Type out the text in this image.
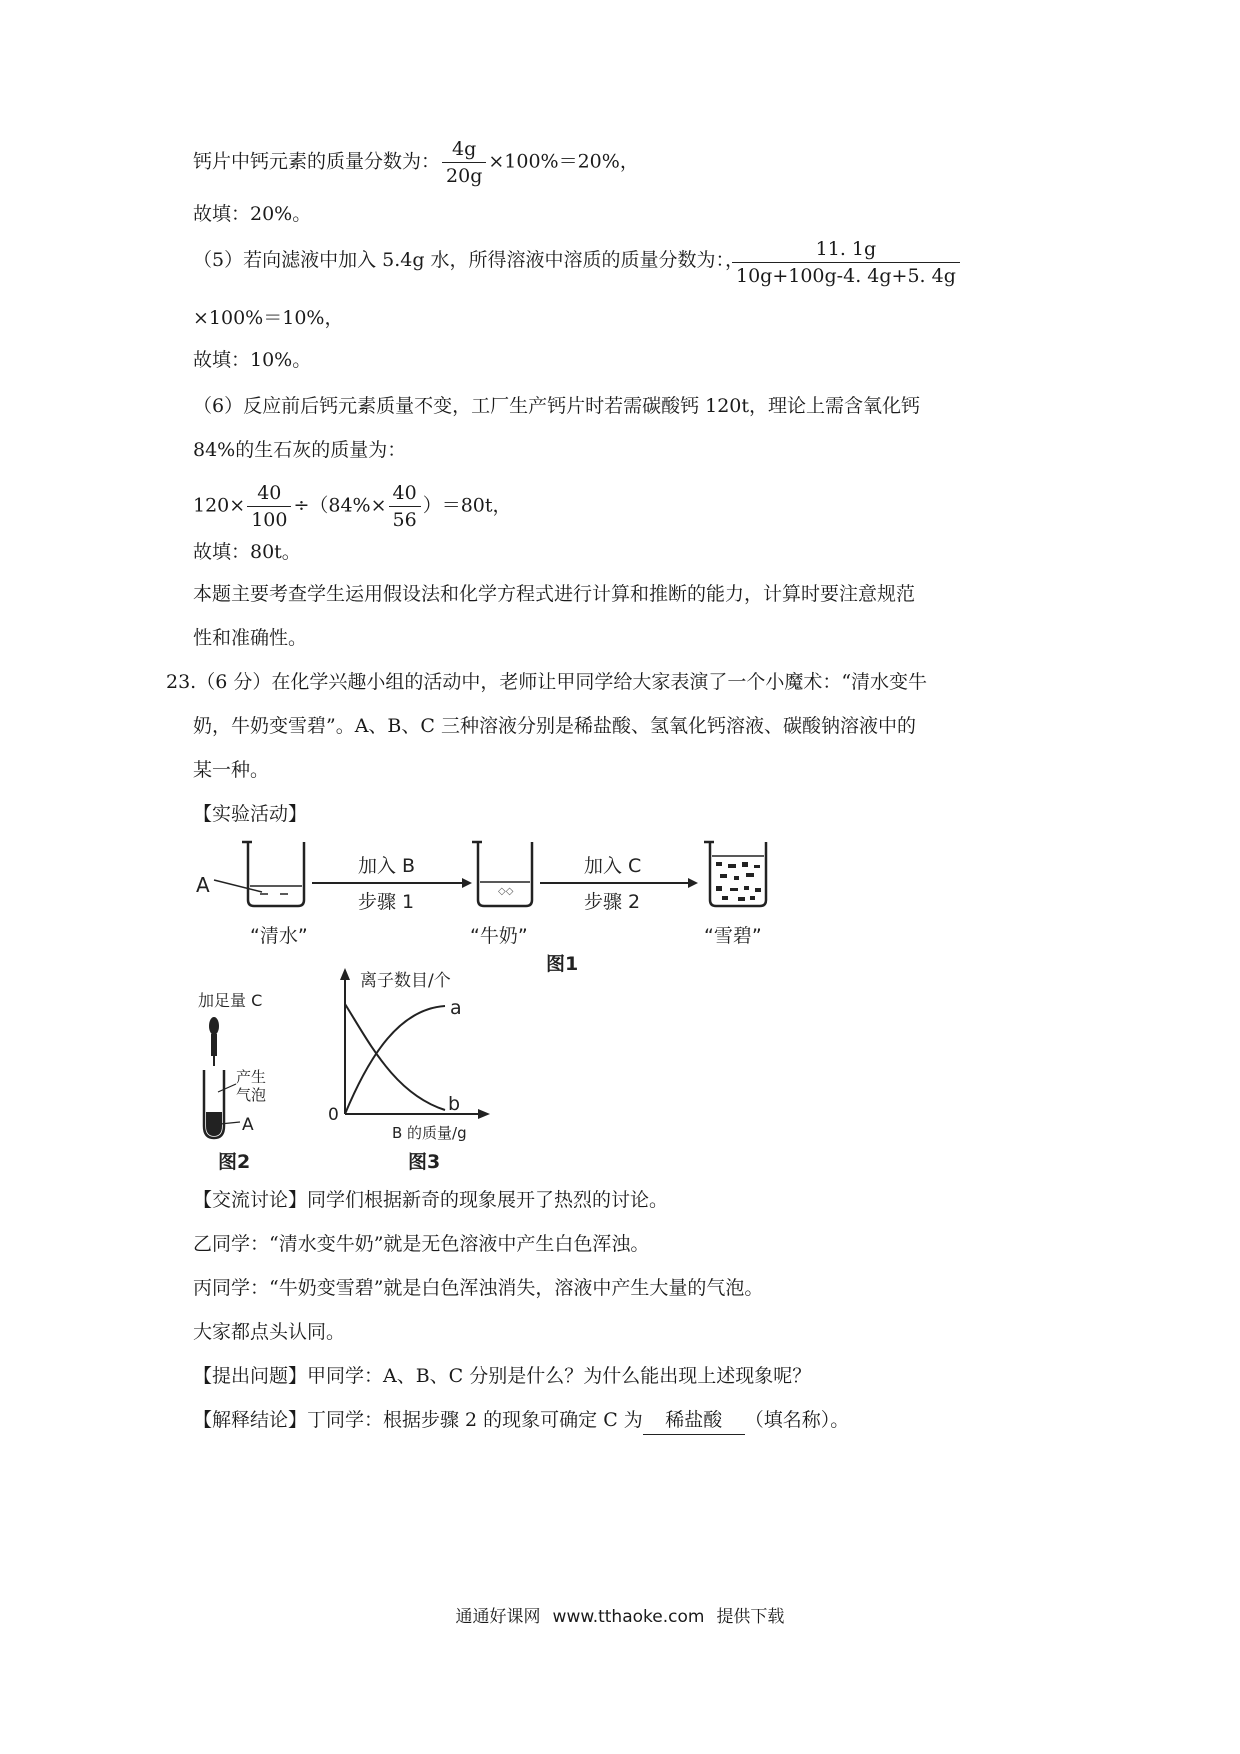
钙片中钙元素的质量分数为： $\frac{4g}{20g} \times 100\%=20\%$，
故填：20%。
（5）若向滤液中加入 5.4g 水，所得溶液中溶质的质量分数为：，
$\frac{11. 1g}{10g+100g-4. 4g+5. 4g}$
×100%＝10%，
故填：10%。
（6）反应前后钙元素质量不变，工厂生产钙片时若需碳酸钙 120t，理论上需含氧化钙
84%的生石灰的质量为：
$120\times \frac{40}{100} \div(84\%\times \frac{40}{56} )=80t$，
故填：80t。
本题主要考查学生运用假设法和化学方程式进行计算和推断的能力，计算时要注意规范
性和准确性。
23.（6 分）在化学兴趣小组的活动中，老师让甲同学给大家表演了一个小魔术：“清水变牛
奶，牛奶变雪碧”。A、B、C 三种溶液分别是稀盐酸、氢氧化钙溶液、碳酸钠溶液中的
某一种。
【实验活动】
A
“清水”
加入 B
步骤 1	◇◇
“牛奶”
加入 C
步骤 2
“雪碧”
图1
加足量 C
产生
气泡
A
图2
离子数目/个
a
b
0
B 的质量/g
图3
【交流讨论】同学们根据新奇的现象展开了热烈的讨论。
乙同学：“清水变牛奶”就是无色溶液中产生白色浑浊。
丙同学：“牛奶变雪碧”就是白色浑浊消失，溶液中产生大量的气泡。
大家都点头认同。
【提出问题】甲同学：A、B、C 分别是什么？为什么能出现上述现象呢？
【解释结论】丁同学：根据步骤 2 的现象可确定 C 为 稀盐酸 （填名称）。
通通好课网 www.tthaoke.com 提供下载
